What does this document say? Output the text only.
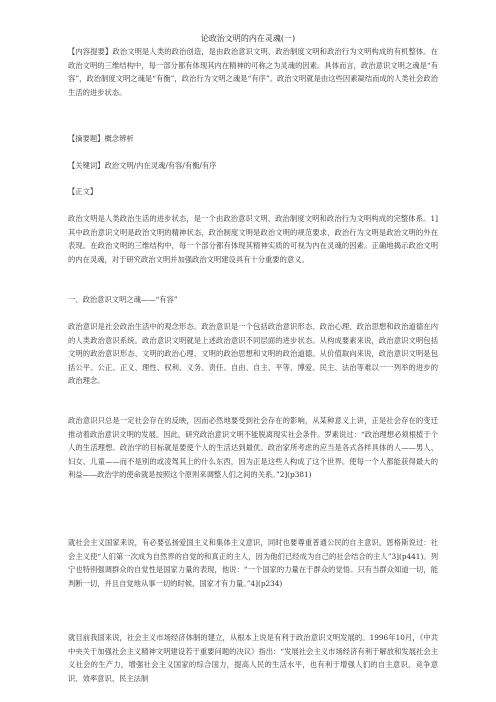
论政治文明的内在灵魂(一)

【内容提要】政治文明是人类的政治创造，是由政治意识文明、政治制度文明和政治行为文明构成的有机整体。在政治文明的三维结构中，每一部分都有体现其内在精神的可称之为灵魂的因素。具体而言，政治意识文明之魂是“有容”，政治制度文明之魂是“有衡”，政治行为文明之魂是“有序”。政治文明就是由这些因素凝结而成的人类社会政治生活的进步状态。

【摘要题】概念辨析

【关键词】政治文明/内在灵魂/有容/有衡/有序

【正文】

政治文明是人类政治生活的进步状态，是一个由政治意识文明、政治制度文明和政治行为文明构成的完整体系。1]其中政治意识文明是政治文明的精神状态，政治制度文明是政治文明的规范要求，政治行为文明是政治文明的外在表现。在政治文明的三维结构中，每一个部分都有体现其精神实质的可视为内在灵魂的因素。正确地揭示政治文明的内在灵魂，对于研究政治文明并加强政治文明建设具有十分重要的意义。

一、政治意识文明之魂——“有容”

政治意识是社会政治生活中的观念形态。政治意识是一个包括政治意识形态、政治心理、政治思想和政治道德在内的人类政治意识系统。政治意识文明就是上述政治意识不同层面的进步状态。从构成要素来说，政治意识文明包括文明的政治意识形态、文明的政治心理、文明的政治思想和文明的政治道德。从价值取向来说，政治意识文明是包括公平、公正、正义、理性、权利、义务、责任、自由、自主、平等、博爱、民主、法治等难以一一列举的进步的政治理念。

政治意识只总是一定社会存在的反映，因而必然地要受到社会存在的影响，从某种意义上讲，正是社会存在的变迁推动着政治意识文明的发展。因此，研究政治意识文明不能脱离现实社会条件。罗素说过：“政治理想必须根植于个人的生活理想。政治学的目标就是要使个人的生活达到最优。政治家所考虑的应当是各式各样具体的人——男人、妇女、儿童——而不是别的或凌驾其上的什么东西，因为正是这些人构成了这个世界。使每一个人都能获得最大的利益——政治学的使命就是按照这个原则来调整人们之间的关系。”2](p381)

就社会主义国家来说，有必要弘扬爱国主义和集体主义意识，同时也要尊重普通公民的自主意识。恩格斯说过：社会主义使“人们第一次成为自然界的自觉的和真正的主人，因为他们已经成为自己的社会结合的主人”3](p441)。列宁也特别强调群众的自觉性是国家力量的表现，他说：“一个国家的力量在于群众的觉悟。只有当群众知道一切，能判断一切，并且自觉地从事一切的时候，国家才有力量。”4](p234)

就目前我国来说，社会主义市场经济体制的建立，从根本上说是有利于政治意识文明发展的。1996年10月，《中共中央关于加强社会主义精神文明建设若干重要问题的决议》指出：“发展社会主义市场经济有利于解放和发展社会主义社会的生产力，增强社会主义国家的综合国力，提高人民的生活水平，也有利于增强人们的自主意识、竞争意识、效率意识、民主法制
